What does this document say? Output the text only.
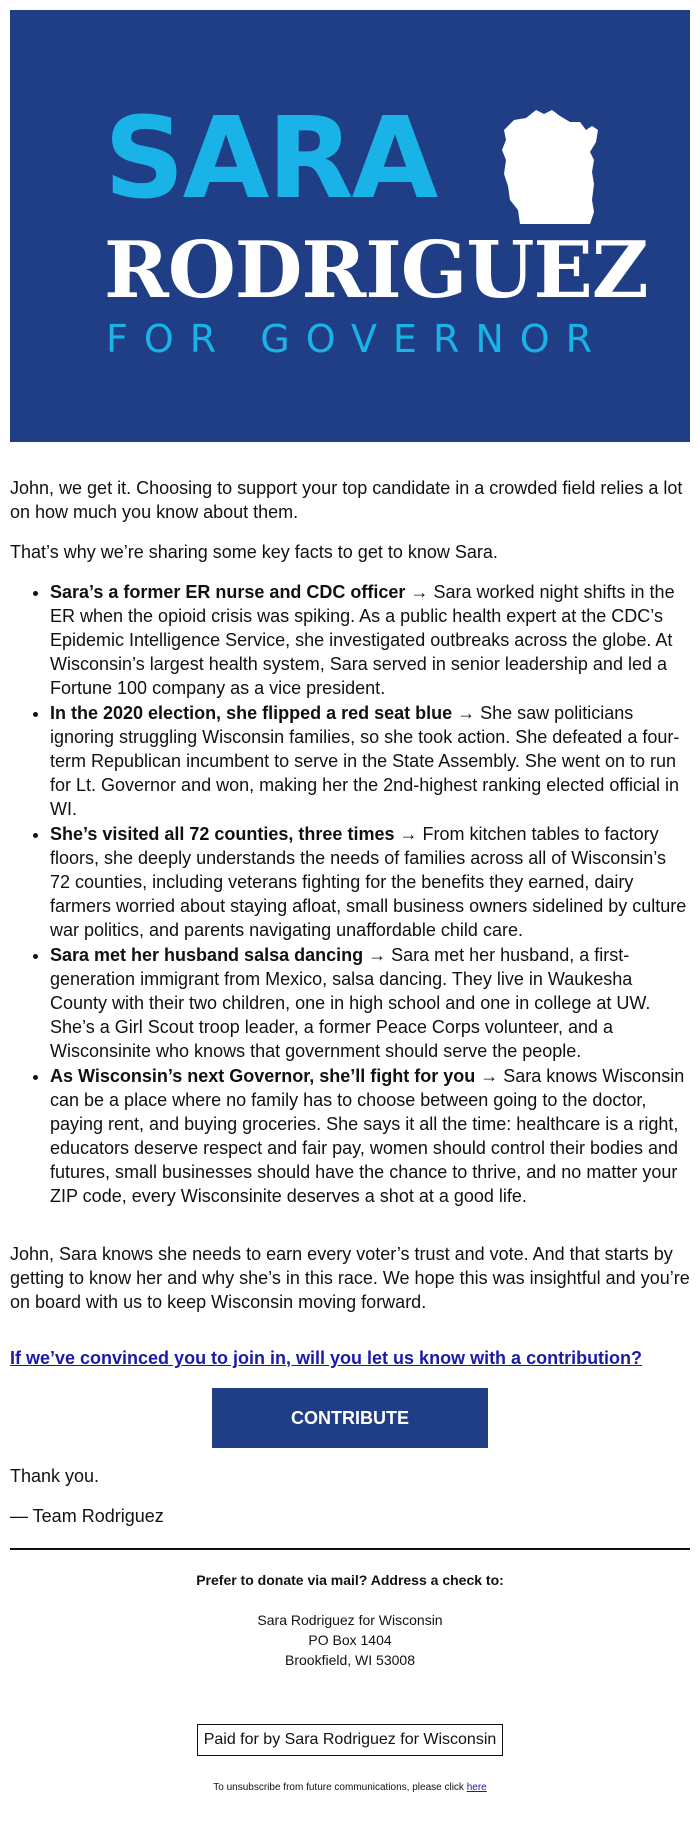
SARA
RODRIGUEZ
FOR GOVERNOR

John, we get it. Choosing to support your top candidate in a crowded field relies a lot on how much you know about them.

That’s why we’re sharing some key facts to get to know Sara.

• Sara’s a former ER nurse and CDC officer → Sara worked night shifts in the ER when the opioid crisis was spiking. As a public health expert at the CDC’s Epidemic Intelligence Service, she investigated outbreaks across the globe. At Wisconsin’s largest health system, Sara served in senior leadership and led a Fortune 100 company as a vice president.
• In the 2020 election, she flipped a red seat blue → She saw politicians ignoring struggling Wisconsin families, so she took action. She defeated a four-term Republican incumbent to serve in the State Assembly. She went on to run for Lt. Governor and won, making her the 2nd-highest ranking elected official in WI.
• She’s visited all 72 counties, three times → From kitchen tables to factory floors, she deeply understands the needs of families across all of Wisconsin’s 72 counties, including veterans fighting for the benefits they earned, dairy farmers worried about staying afloat, small business owners sidelined by culture war politics, and parents navigating unaffordable child care.
• Sara met her husband salsa dancing → Sara met her husband, a first-generation immigrant from Mexico, salsa dancing. They live in Waukesha County with their two children, one in high school and one in college at UW. She’s a Girl Scout troop leader, a former Peace Corps volunteer, and a Wisconsinite who knows that government should serve the people.
• As Wisconsin’s next Governor, she’ll fight for you → Sara knows Wisconsin can be a place where no family has to choose between going to the doctor, paying rent, and buying groceries. She says it all the time: healthcare is a right, educators deserve respect and fair pay, women should control their bodies and futures, small businesses should have the chance to thrive, and no matter your ZIP code, every Wisconsinite deserves a shot at a good life.

John, Sara knows she needs to earn every voter’s trust and vote. And that starts by getting to know her and why she’s in this race. We hope this was insightful and you’re on board with us to keep Wisconsin moving forward.

If we’ve convinced you to join in, will you let us know with a contribution?
CONTRIBUTE

Thank you.

— Team Rodriguez

Prefer to donate via mail? Address a check to:
Sara Rodriguez for Wisconsin
PO Box 1404
Brookfield, WI 53008
Paid for by Sara Rodriguez for Wisconsin
To unsubscribe from future communications, please click here
